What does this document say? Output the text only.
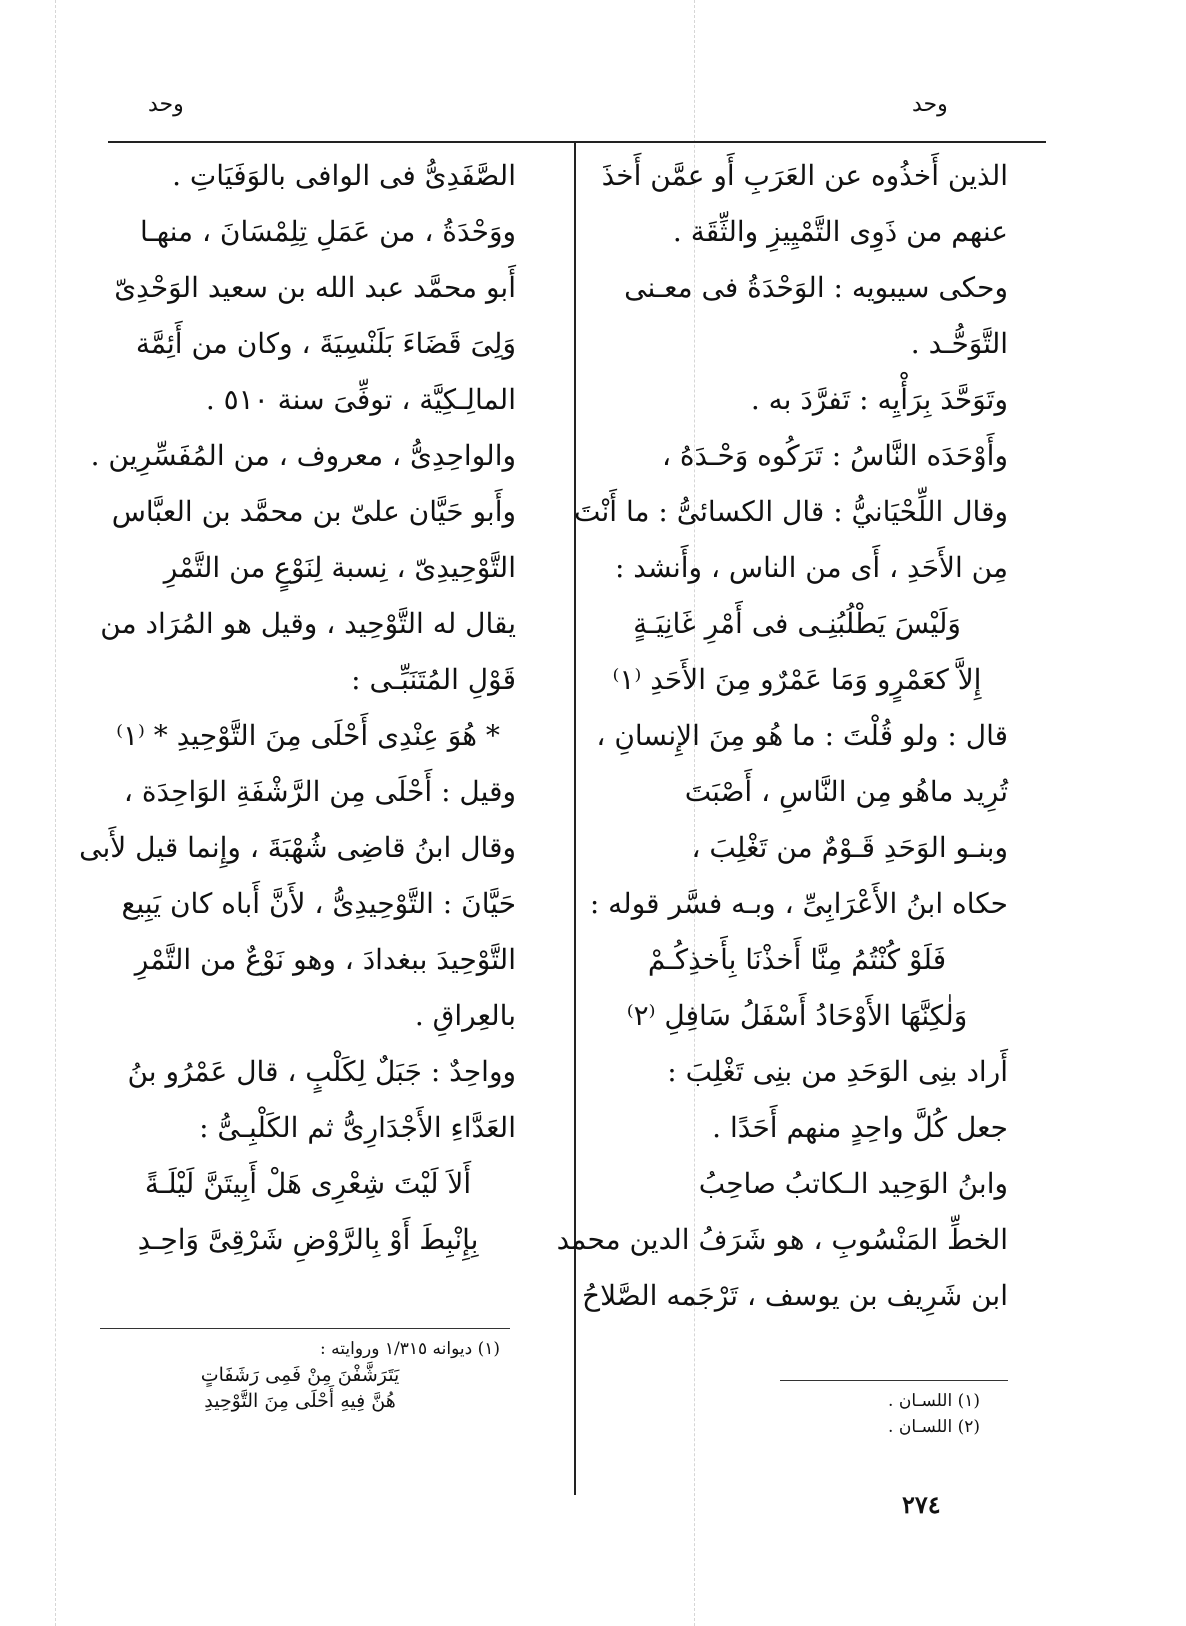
وحد
وحد

الذين أَخذُوه عن العَرَبِ أَو عمَّن أَخذَ

عنهم من ذَوِى التَّمْيِيزِ والثِّقَة .

وحكى سيبويه : الوَحْدَةُ فى معـنى

التَّوَحُّـد .

وتَوَحَّدَ بِرَأْيِه : تَفرَّدَ به .

وأَوْحَدَه النَّاسُ : تَرَكُوه وَحْـدَهُ ،

وقال اللِّحْيَانيُّ : قال الكسائىُّ : ما أَنْتَ

مِن الأَحَدِ ، أَى من الناس ، وأَنشد :

وَلَيْسَ يَطْلُبُنِـى فى أَمْرِ غَانِيَـةٍ

إِلاَّ كعَمْرٍو وَمَا عَمْرٌو مِنَ الأَحَدِ ⁽١⁾

قال : ولو قُلْتَ : ما هُو مِنَ الإِنسانِ ،

تُرِيد ماهُو مِن النَّاسِ ، أَصْبَتَ

وبنـو الوَحَدِ قَـوْمٌ من تَغْلِبَ ،

حكاه ابنُ الأَعْرَابِىِّ ، وبـه فسَّر قوله :

فَلَوْ كُنْتُمُ مِنَّا أَخذْنَا بِأَخذِكُـمْ

وَلٰكِنَّهَا الأَوْحَادُ أَسْفَلُ سَافِلِ ⁽٢⁾

أَراد بنِى الوَحَدِ من بنِى تَغْلِبَ :

جعل كُلَّ واحِدٍ منهم أَحَدًا .

وابنُ الوَحِيد الـكاتبُ صاحِبُ

الخطِّ المَنْسُوبِ ، هو شَرَفُ الدين محمد

ابن شَرِيف بن يوسف ، تَرْجَمه الصَّلاحُ

الصَّفَدِىُّ فى الوافى بالوَفَيَاتِ .

ووَحْدَةُ ، من عَمَلِ تِلِمْسَانَ ، منهـا

أَبو محمَّد عبد الله بن سعيد الوَحْدِىّ

وَلِىَ قَضَاءَ بَلَنْسِيَةَ ، وكان من أَئِمَّة

المالِـكِيَّة ، توفِّىَ سنة ٥١٠ .

والواحِدِىُّ ، معروف ، من المُفَسِّرِين .

وأَبو حَيَّان علىّ بن محمَّد بن العبَّاس

التَّوْحِيدِىّ ، نِسبة لِنَوْعٍ من التَّمْرِ

يقال له التَّوْحِيد ، وقيل هو المُرَاد من

قَوْلِ المُتَنَبِّـى :

* هُوَ عِنْدِى أَحْلَى مِنَ التَّوْحِيدِ * ⁽١⁾

وقيل : أَحْلَى مِن الرَّشْفَةِ الوَاحِدَة ،

وقال ابنُ قاضِى شُهْبَةَ ، وإِنما قيل لأَبى

حَيَّانَ : التَّوْحِيدِىُّ ، لأَنَّ أَباه كان يَبِيع

التَّوْحِيدَ ببغدادَ ، وهو نَوْعٌ من التَّمْرِ

بالعِراقِ .

وواحِدٌ : جَبَلٌ لِكَلْبٍ ، قال عَمْرُو بنُ

العَدَّاءِ الأَجْدَارِىُّ ثم الكَلْبِـىُّ :

أَلاَ لَيْتَ شِعْرِى هَلْ أَبِيتَنَّ لَيْلَـةً

بِإِنْبِطَ أَوْ بِالرَّوْضِ شَرْقِىَّ وَاحِـدِ

(١) اللسـان .

(٢) اللسـان .

(١) ديوانه ١/٣١٥ وروايته :

يَتَرَشَّفْنَ مِنْ فَمِى رَشَفَاتٍ

هُنَّ فِيهِ أَحْلَى مِنَ التَّوْحِيدِ

٢٧٤
